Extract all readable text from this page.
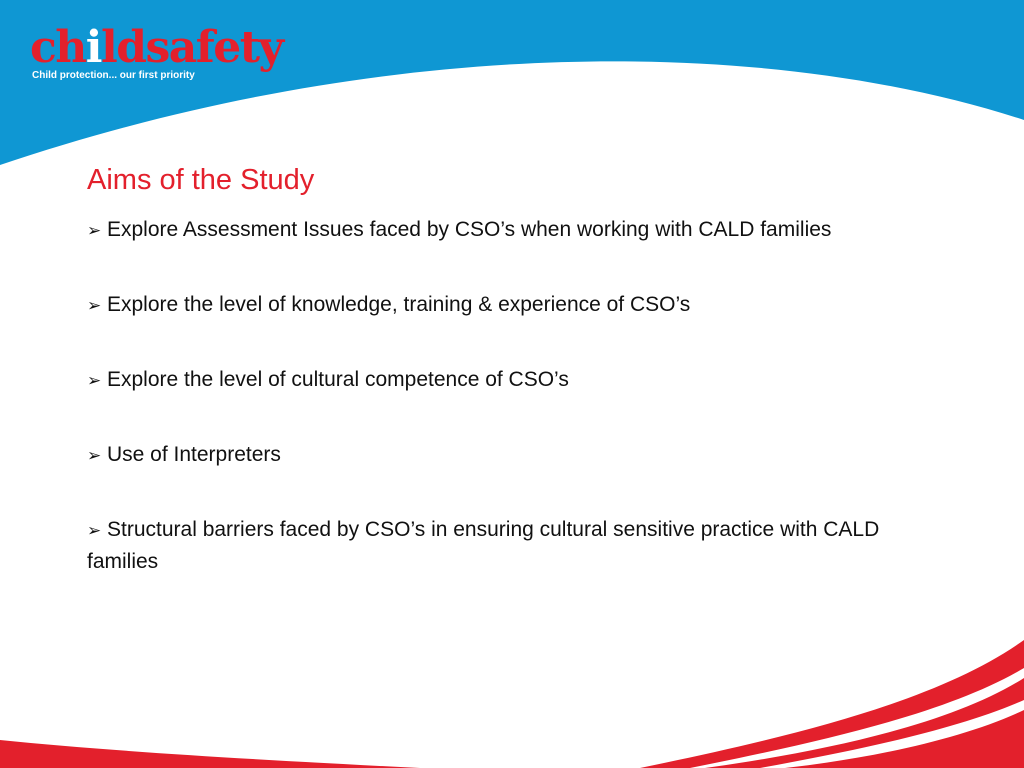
childsafety
Child protection... our first priority
Aims of the Study
➢ Explore Assessment Issues faced by CSO’s when working with CALD families
➢ Explore the level of knowledge, training & experience of CSO’s
➢ Explore the level of cultural competence of CSO’s
➢ Use of Interpreters
➢ Structural barriers faced by CSO’s in ensuring cultural sensitive practice with CALD families
